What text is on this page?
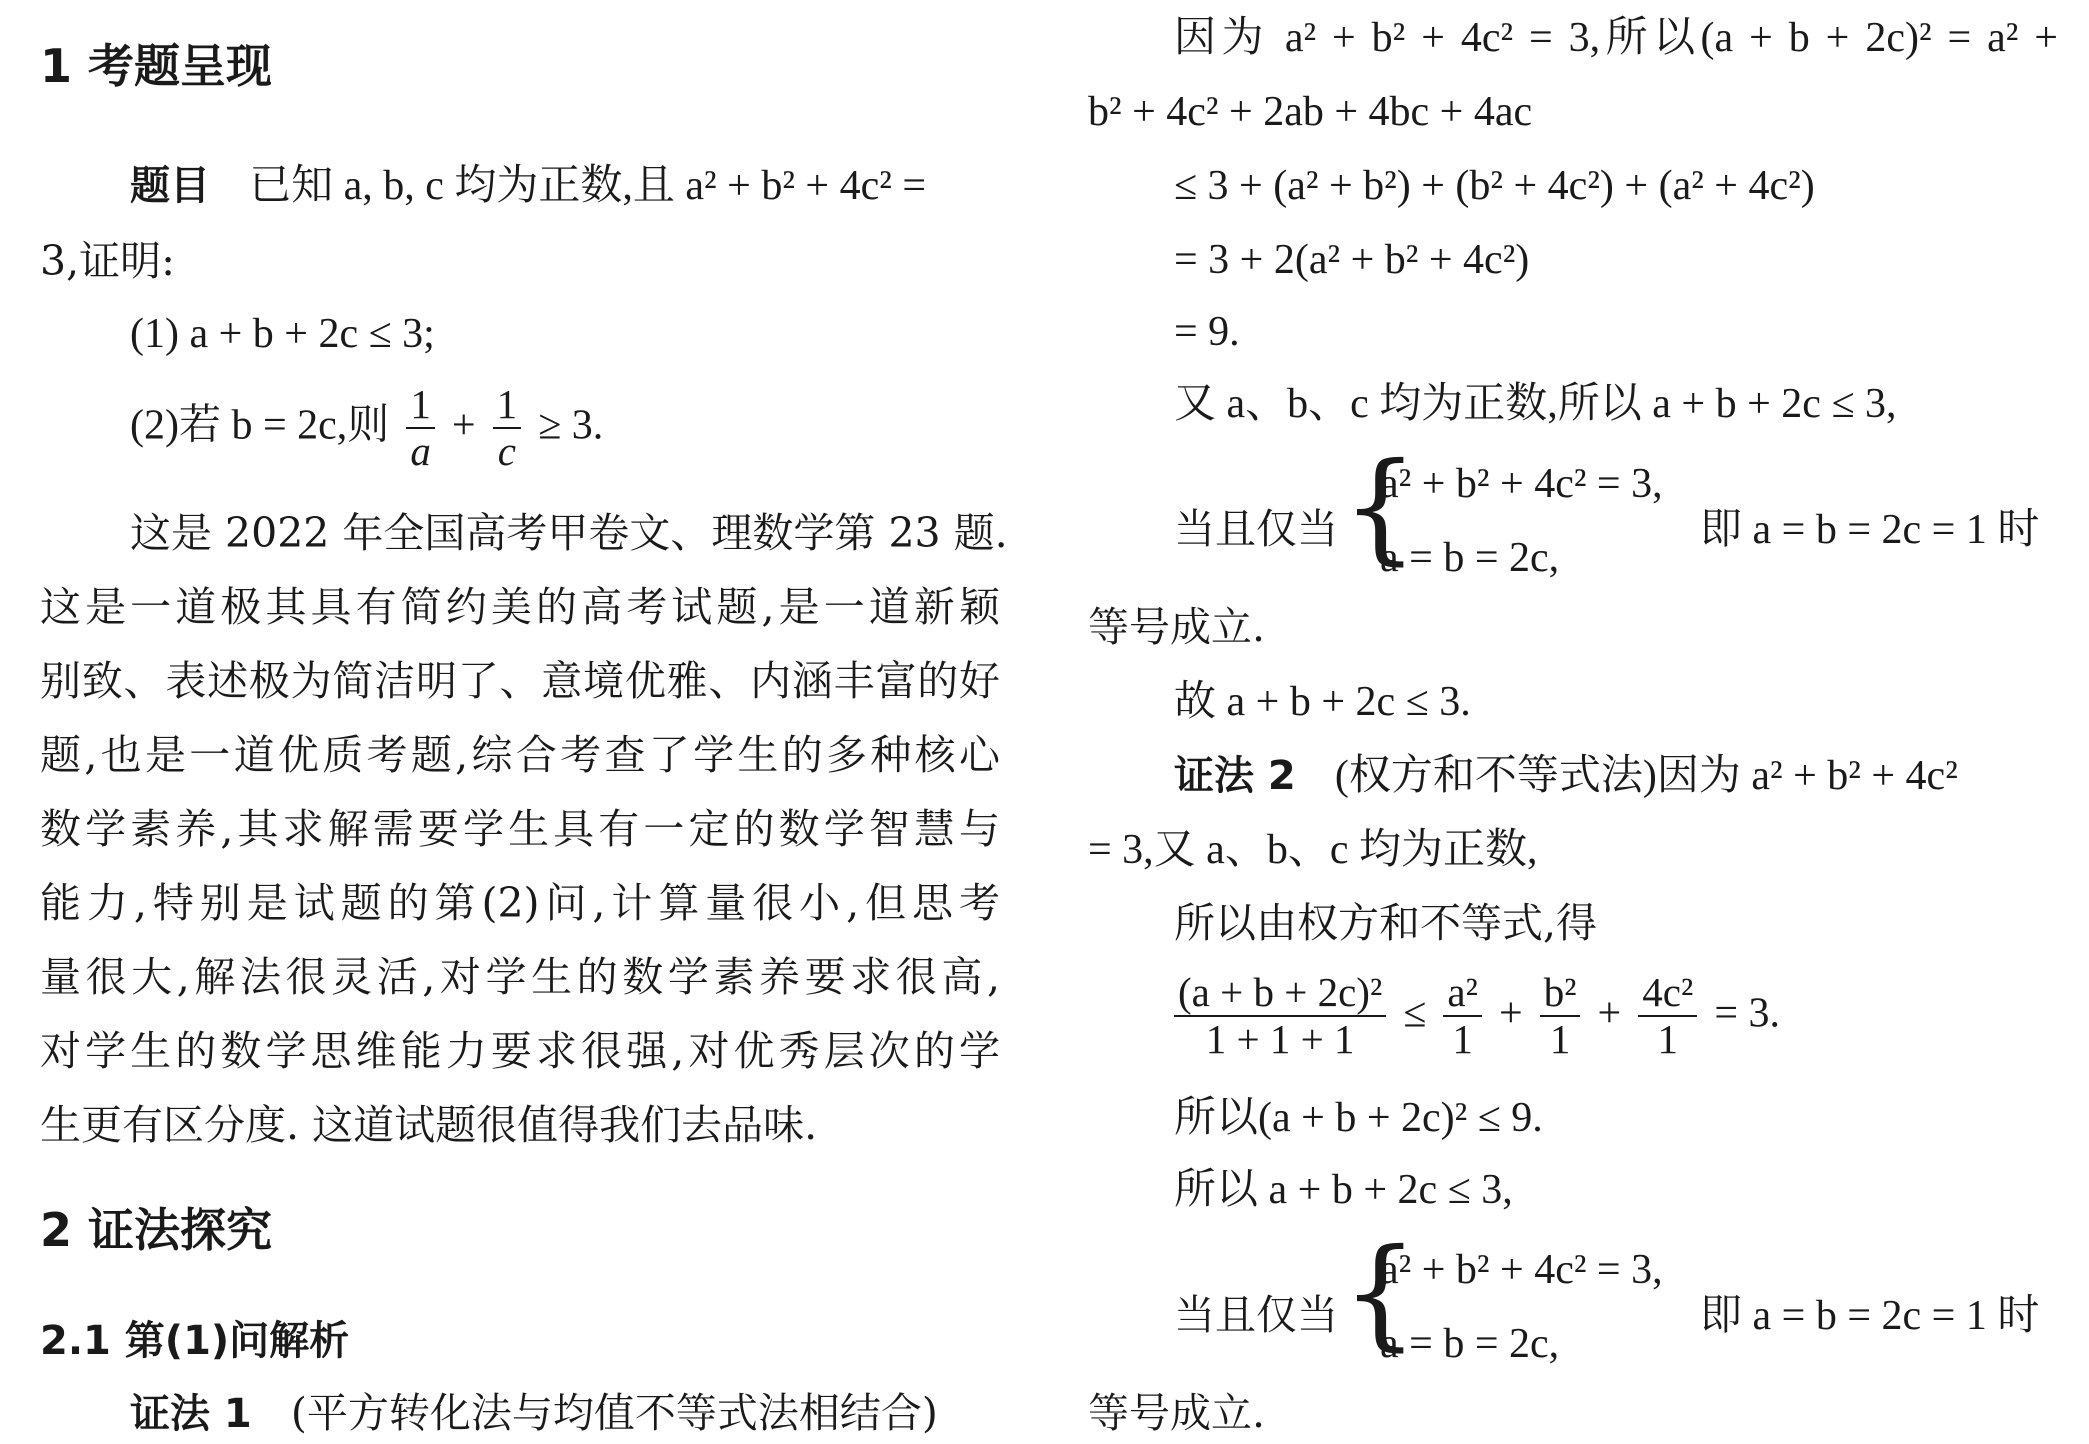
1 考题呈现
题目 已知 a, b, c 均为正数,且 a² + b² + 4c² =
3,证明:
(1) a + b + 2c ≤ 3;
(2)若 b = 2c,则 $\frac{1}{a} + \frac{1}{c} \ge 3$.
这是 2022 年全国高考甲卷文、理数学第 23 题.
这是一道极其具有简约美的高考试题,是一道新颖
别致、表述极为简洁明了、意境优雅、内涵丰富的好
题,也是一道优质考题,综合考查了学生的多种核心
数学素养,其求解需要学生具有一定的数学智慧与
能力,特别是试题的第(2)问,计算量很小,但思考
量很大,解法很灵活,对学生的数学素养要求很高,
对学生的数学思维能力要求很强,对优秀层次的学
生更有区分度. 这道试题很值得我们去品味.
2 证法探究
2.1 第(1)问解析
证法 1 (平方转化法与均值不等式法相结合)
因为 a² + b² + 4c² = 3,所以(a + b + 2c)² = a² +
b² + 4c² + 2ab + 4bc + 4ac
≤ 3 + (a² + b²) + (b² + 4c²) + (a² + 4c²)
= 3 + 2(a² + b² + 4c²)
= 9.
又 a、b、c 均为正数,所以 a + b + 2c ≤ 3,
当且仅当 {
a² + b² + 4c² = 3,
a = b = 2c,
即 a = b = 2c = 1 时
等号成立.
故 a + b + 2c ≤ 3.
证法 2 (权方和不等式法)因为 a² + b² + 4c²
= 3,又 a、b、c 均为正数,
所以由权方和不等式,得
$\frac{\text{(a + b + 2c)²}}{1 + 1 + 1} \le \frac{\text{a²}}{1} + \frac{\text{b²}}{1} + \frac{\text{4c²}}{1} = 3$.
所以(a + b + 2c)² ≤ 9.
所以 a + b + 2c ≤ 3,
当且仅当 {
a² + b² + 4c² = 3,
a = b = 2c,
即 a = b = 2c = 1 时
等号成立.
